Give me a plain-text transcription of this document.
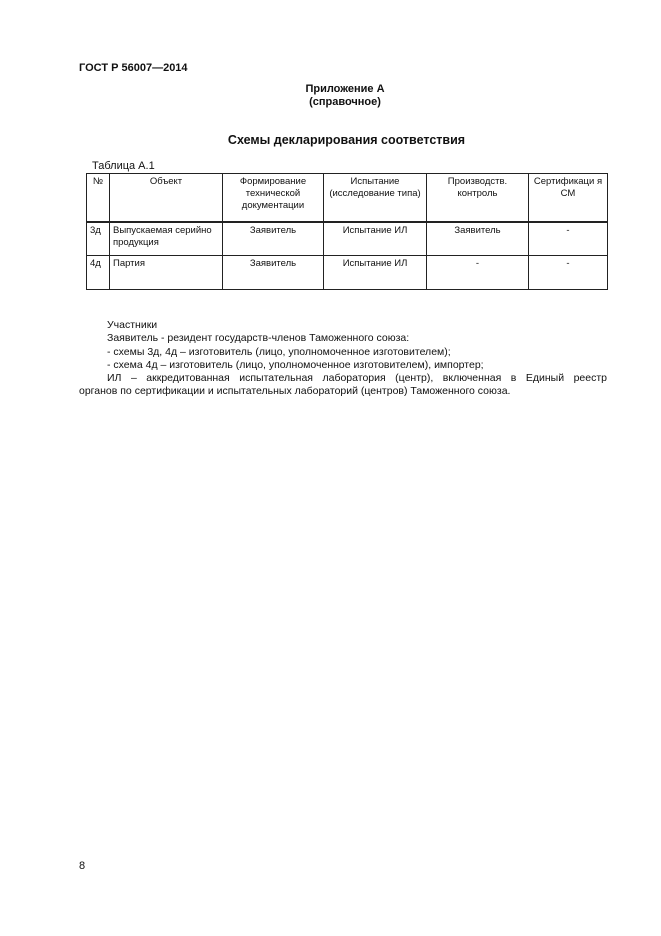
ГОСТ Р 56007—2014
Приложение А
(справочное)
Схемы декларирования соответствия
Таблица А.1
№	Объект	Формирование технической документации	Испытание (исследование типа)	Производств. контроль	Сертификаци я СМ
3д	Выпускаемая серийно продукция	Заявитель	Испытание ИЛ	Заявитель	-
4д	Партия	Заявитель	Испытание ИЛ	-	-

Участники

Заявитель - резидент государств-членов Таможенного союза:

- схемы 3д, 4д – изготовитель (лицо, уполномоченное изготовителем);

- схема 4д – изготовитель (лицо, уполномоченное изготовителем), импортер;

ИЛ – аккредитованная испытательная лаборатория (центр), включенная в Единый реестр

органов по сертификации и испытательных лабораторий (центров) Таможенного союза.

8
